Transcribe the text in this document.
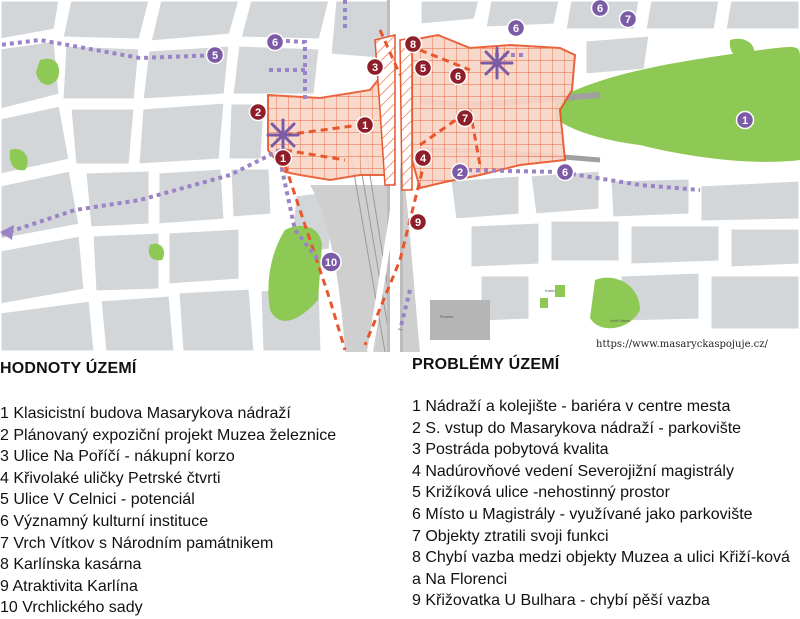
1
2
3
8
5
6
7
1	4
9
5
6
6
6
7
1
2	6
10
Florenc
Karlín
Vrch Vítkov
https://www.masaryckaspojuje.cz/
HODNOTY ÚZEMÍ
1 Klasicistní budova Masarykova nádraží
2 Plánovaný expoziční projekt Muzea železnice
3 Ulice Na Poříčí - nákupní korzo
4 Křivolaké uličky Petrské čtvrti
5 Ulice V Celnici - potenciál
6 Významný kulturní instituce
7 Vrch Vítkov s Národním památnikem
8 Karlínska kasárna
9 Atraktivita Karlína
10 Vrchlického sady
PROBLÉMY ÚZEMÍ
1 Nádraží a kolejište - bariéra v centre mesta
2 S. vstup do Masarykova nádraží - parkovište
3 Postráda pobytová kvalita
4 Nadúrovňové vedení Severojižní magistrály
5 Križíková ulice -nehostinný prostor
6 Místo u Magistrály - využívané jako parkovište
7 Objekty ztratili svoji funkci
8 Chybí vazba medzi objekty Muzea a ulici Křiží-ková a Na Florenci
9 Křižovatka U Bulhara - chybí pěší vazba
